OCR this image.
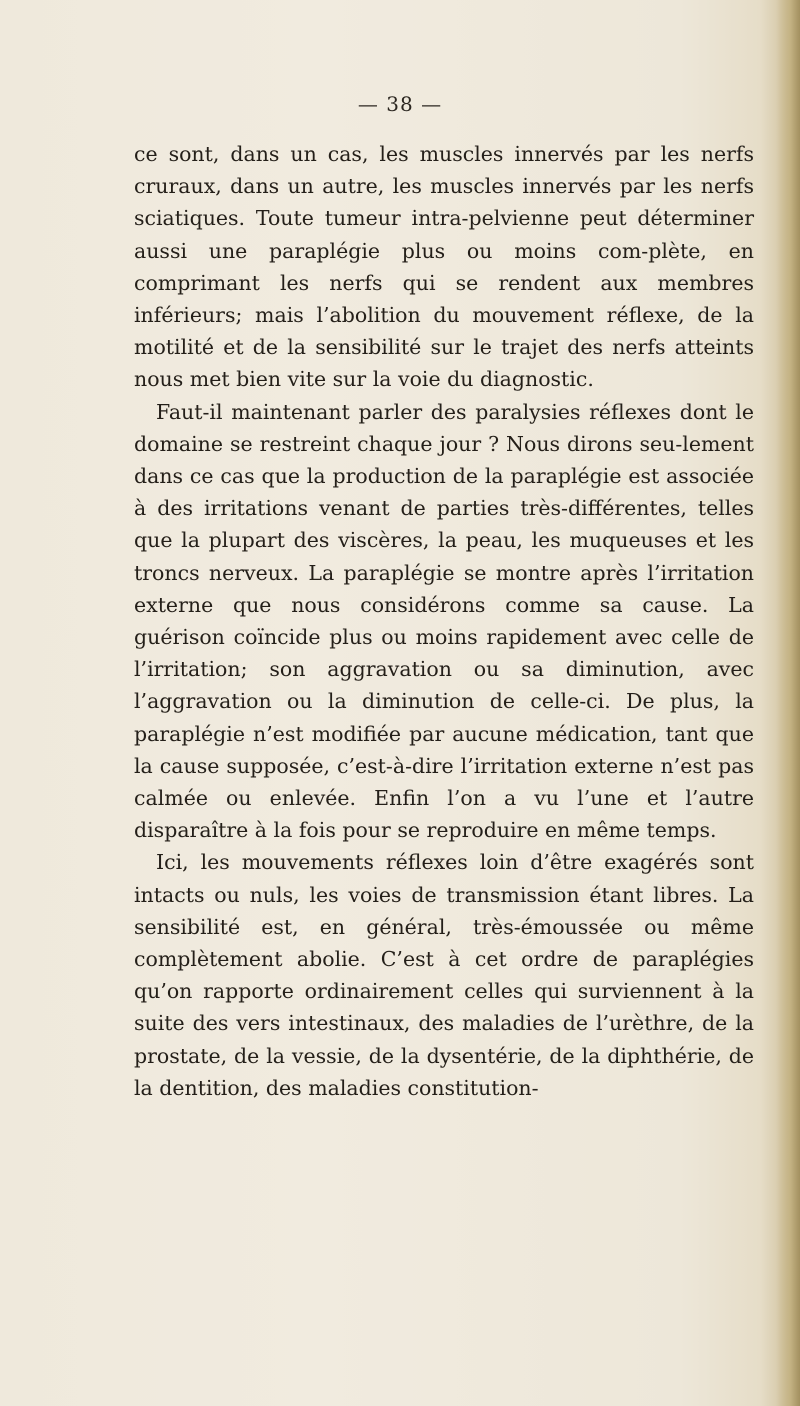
— 38 —

ce sont, dans un cas, les muscles innervés par les nerfs cruraux, dans un autre, les muscles innervés par les nerfs sciatiques. Toute tumeur intra-pelvienne peut déterminer aussi une paraplégie plus ou moins com-plète, en comprimant les nerfs qui se rendent aux membres inférieurs; mais l’abolition du mouvement réflexe, de la motilité et de la sensibilité sur le trajet des nerfs atteints nous met bien vite sur la voie du diagnostic.

Faut-il maintenant parler des paralysies réflexes dont le domaine se restreint chaque jour ? Nous dirons seu-lement dans ce cas que la production de la paraplégie est associée à des irritations venant de parties très-différentes, telles que la plupart des viscères, la peau, les muqueuses et les troncs nerveux. La paraplégie se montre après l’irritation externe que nous considérons comme sa cause. La guérison coïncide plus ou moins rapidement avec celle de l’irritation; son aggravation ou sa diminution, avec l’aggravation ou la diminution de celle-ci. De plus, la paraplégie n’est modifiée par aucune médication, tant que la cause supposée, c’est-à-dire l’irritation externe n’est pas calmée ou enlevée. Enfin l’on a vu l’une et l’autre disparaître à la fois pour se reproduire en même temps.

Ici, les mouvements réflexes loin d’être exagérés sont intacts ou nuls, les voies de transmission étant libres. La sensibilité est, en général, très-émoussée ou même complètement abolie. C’est à cet ordre de paraplégies qu’on rapporte ordinairement celles qui surviennent à la suite des vers intestinaux, des maladies de l’urèthre, de la prostate, de la vessie, de la dysentérie, de la diphthérie, de la dentition, des maladies constitution-
